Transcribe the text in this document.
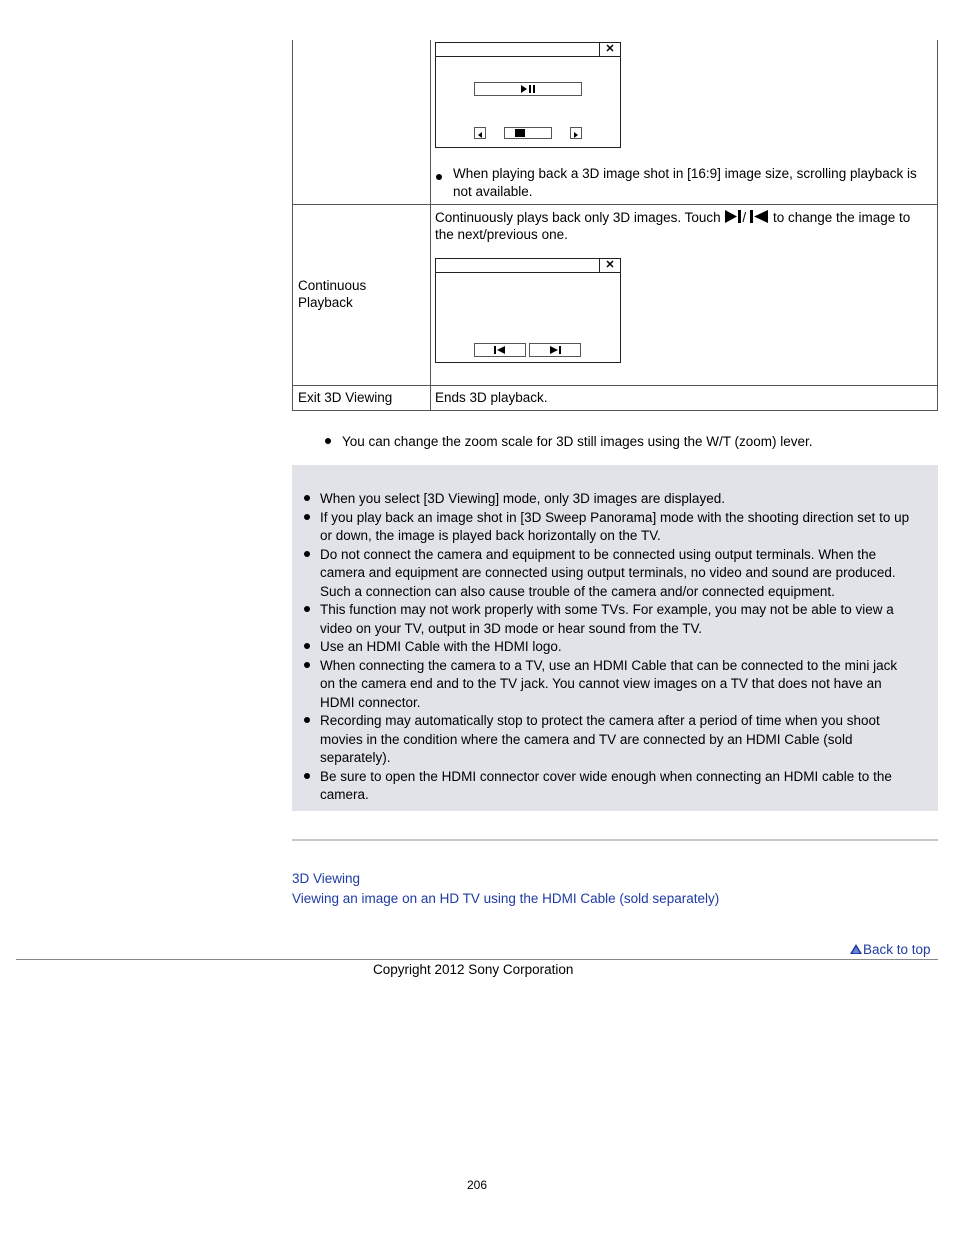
✕
When playing back a 3D image shot in [16:9] image size, scrolling playback is
not available.
Continuous
Playback
Continuously plays back only 3D images. Touch / to change the image to
the next/previous one.
✕
Exit 3D Viewing	Ends 3D playback.
You can change the zoom scale for 3D still images using the W/T (zoom) lever.
When you select [3D Viewing] mode, only 3D images are displayed.
If you play back an image shot in [3D Sweep Panorama] mode with the shooting direction set to up
or down, the image is played back horizontally on the TV.
Do not connect the camera and equipment to be connected using output terminals. When the
camera and equipment are connected using output terminals, no video and sound are produced.
Such a connection can also cause trouble of the camera and/or connected equipment.
This function may not work properly with some TVs. For example, you may not be able to view a
video on your TV, output in 3D mode or hear sound from the TV.
Use an HDMI Cable with the HDMI logo.
When connecting the camera to a TV, use an HDMI Cable that can be connected to the mini jack
on the camera end and to the TV jack. You cannot view images on a TV that does not have an
HDMI connector.
Recording may automatically stop to protect the camera after a period of time when you shoot
movies in the condition where the camera and TV are connected by an HDMI Cable (sold
separately).
Be sure to open the HDMI connector cover wide enough when connecting an HDMI cable to the
camera.
3D Viewing
Viewing an image on an HD TV using the HDMI Cable (sold separately)
Back to top
Copyright 2012 Sony Corporation
206
